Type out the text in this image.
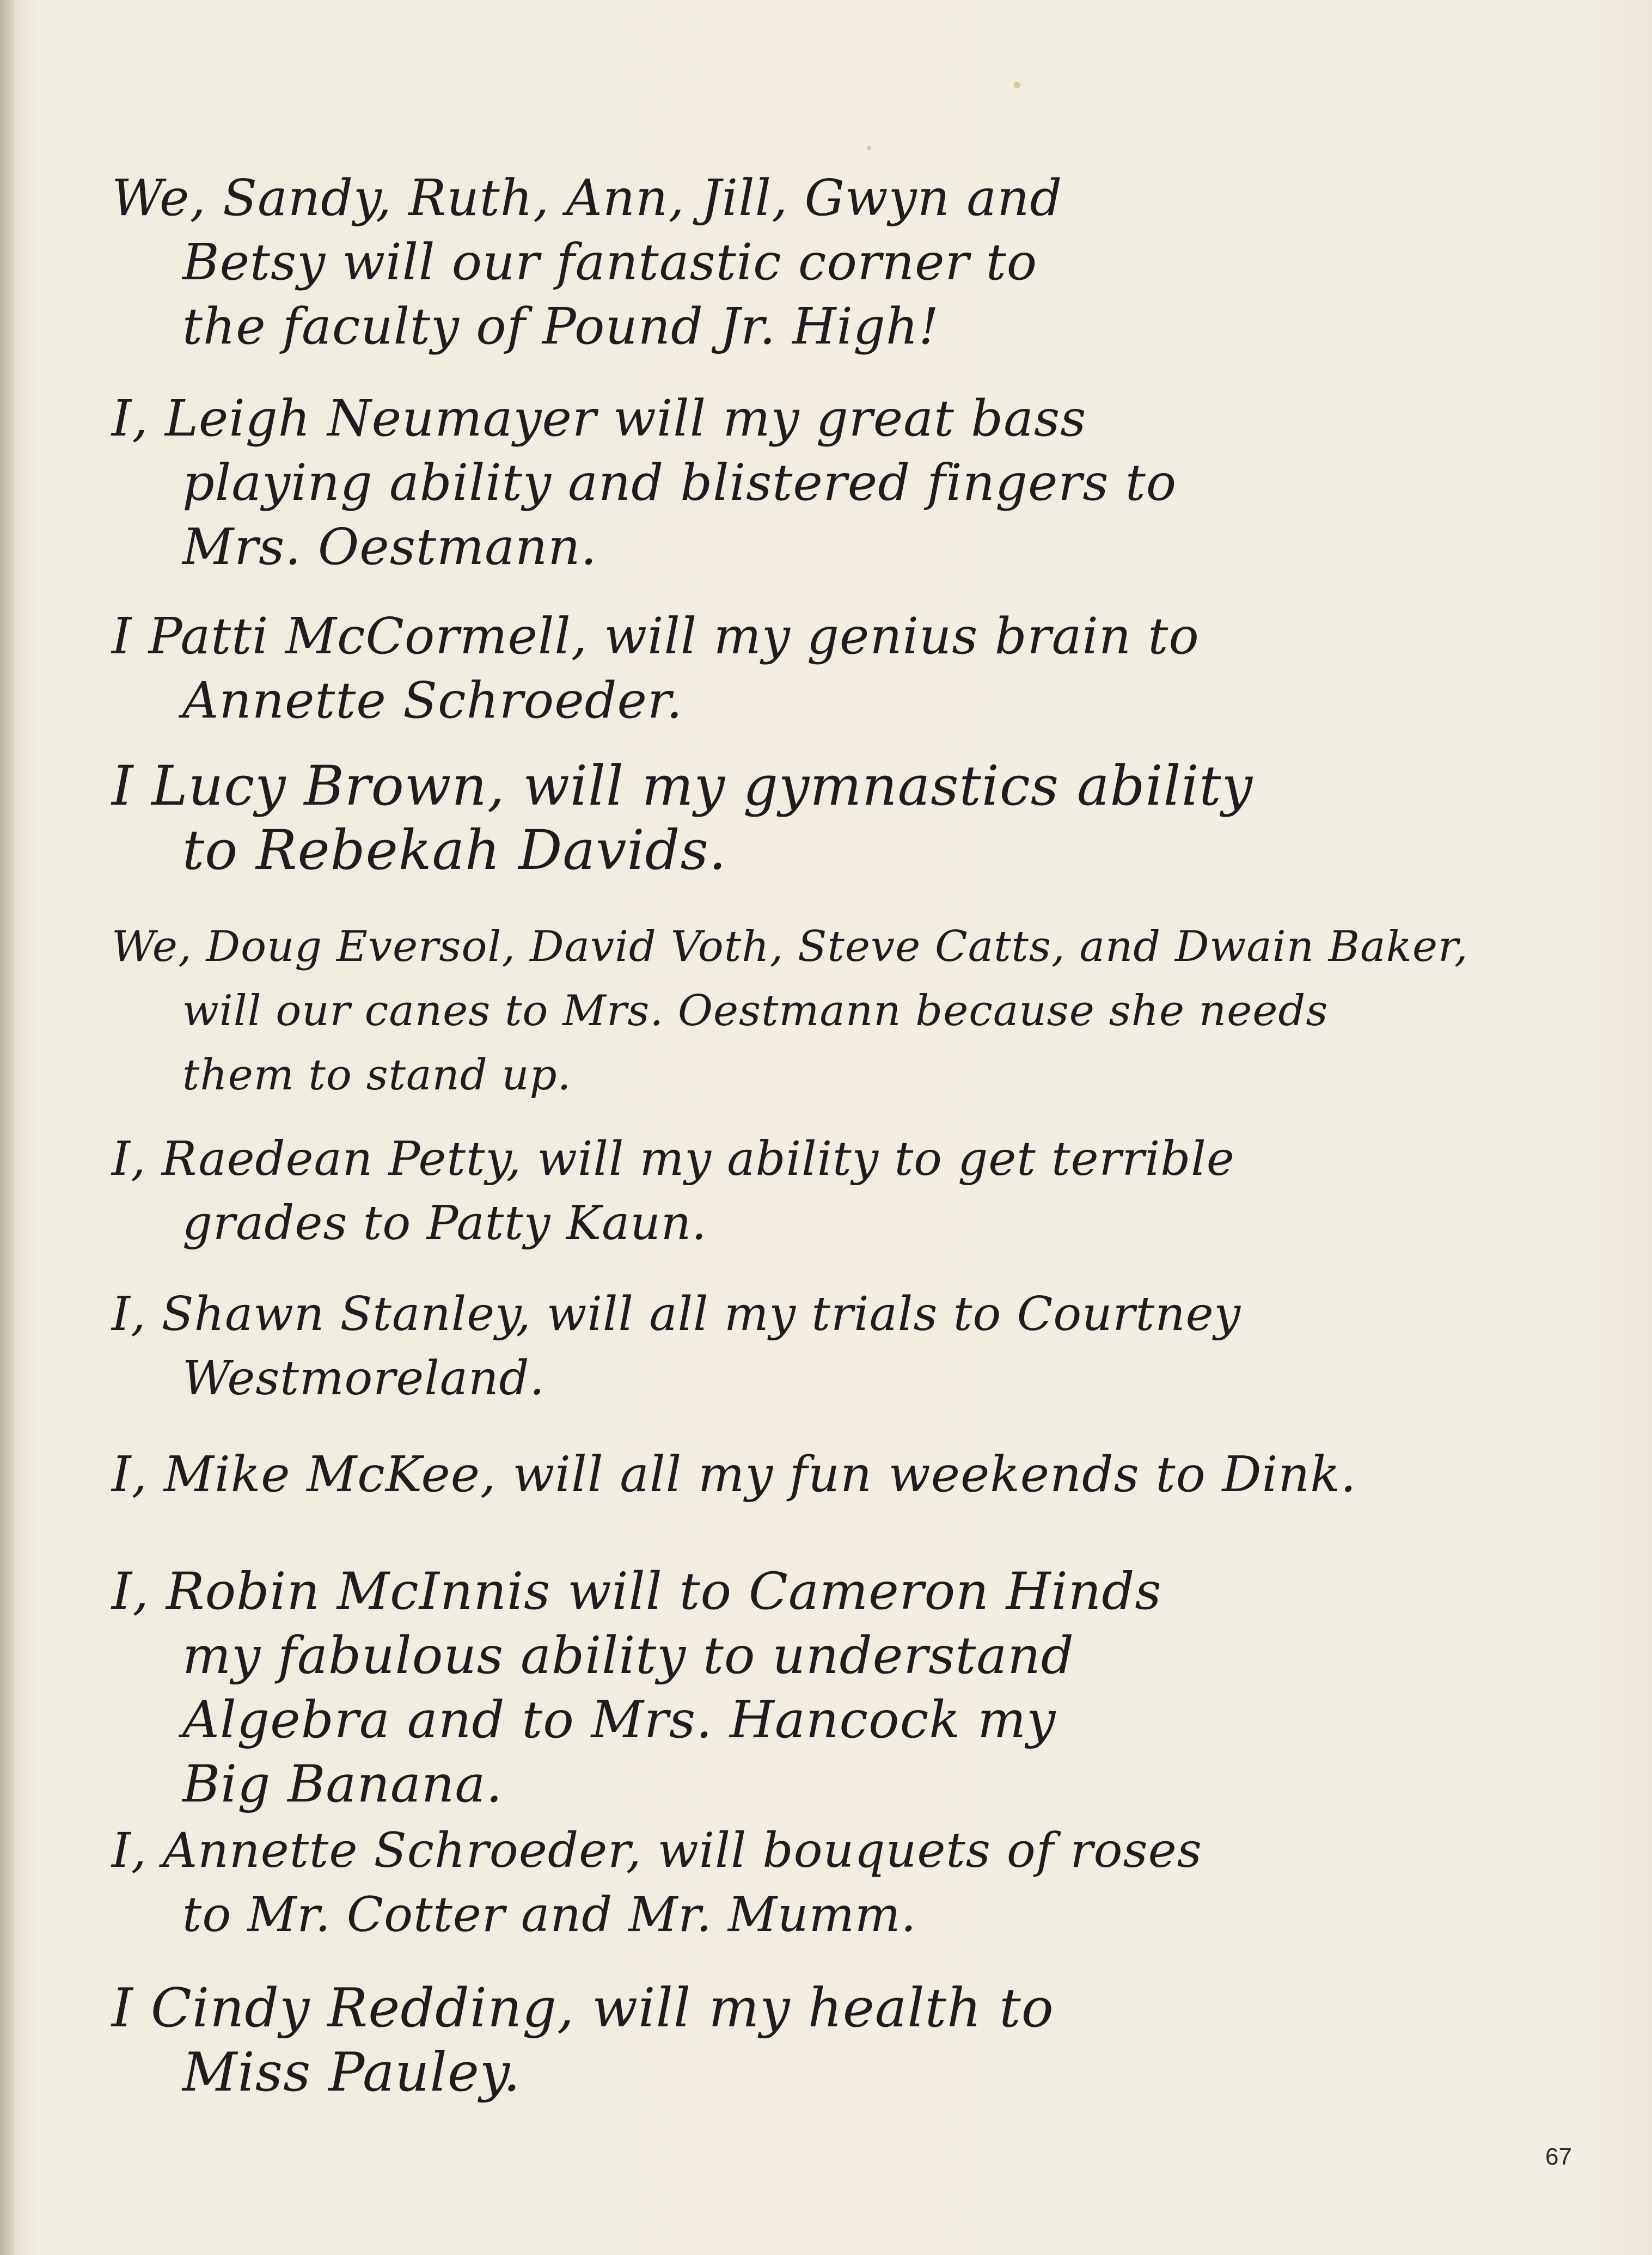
We, Sandy, Ruth, Ann, Jill, Gwyn and
Betsy will our fantastic corner to
the faculty of Pound Jr. High!
I, Leigh Neumayer will my great bass
playing ability and blistered fingers to
Mrs. Oestmann.
I Patti McCormell, will my genius brain to
Annette Schroeder.
I Lucy Brown, will my gymnastics ability
to Rebekah Davids.
We, Doug Eversol, David Voth, Steve Catts, and Dwain Baker,
will our canes to Mrs. Oestmann because she needs
them to stand up.
I, Raedean Petty, will my ability to get terrible
grades to Patty Kaun.
I, Shawn Stanley, will all my trials to Courtney
Westmoreland.
I, Mike McKee, will all my fun weekends to Dink.
I, Robin McInnis will to Cameron Hinds
my fabulous ability to understand
Algebra and to Mrs. Hancock my
Big Banana.
I, Annette Schroeder, will bouquets of roses
to Mr. Cotter and Mr. Mumm.
I Cindy Redding, will my health to
Miss Pauley.
67
